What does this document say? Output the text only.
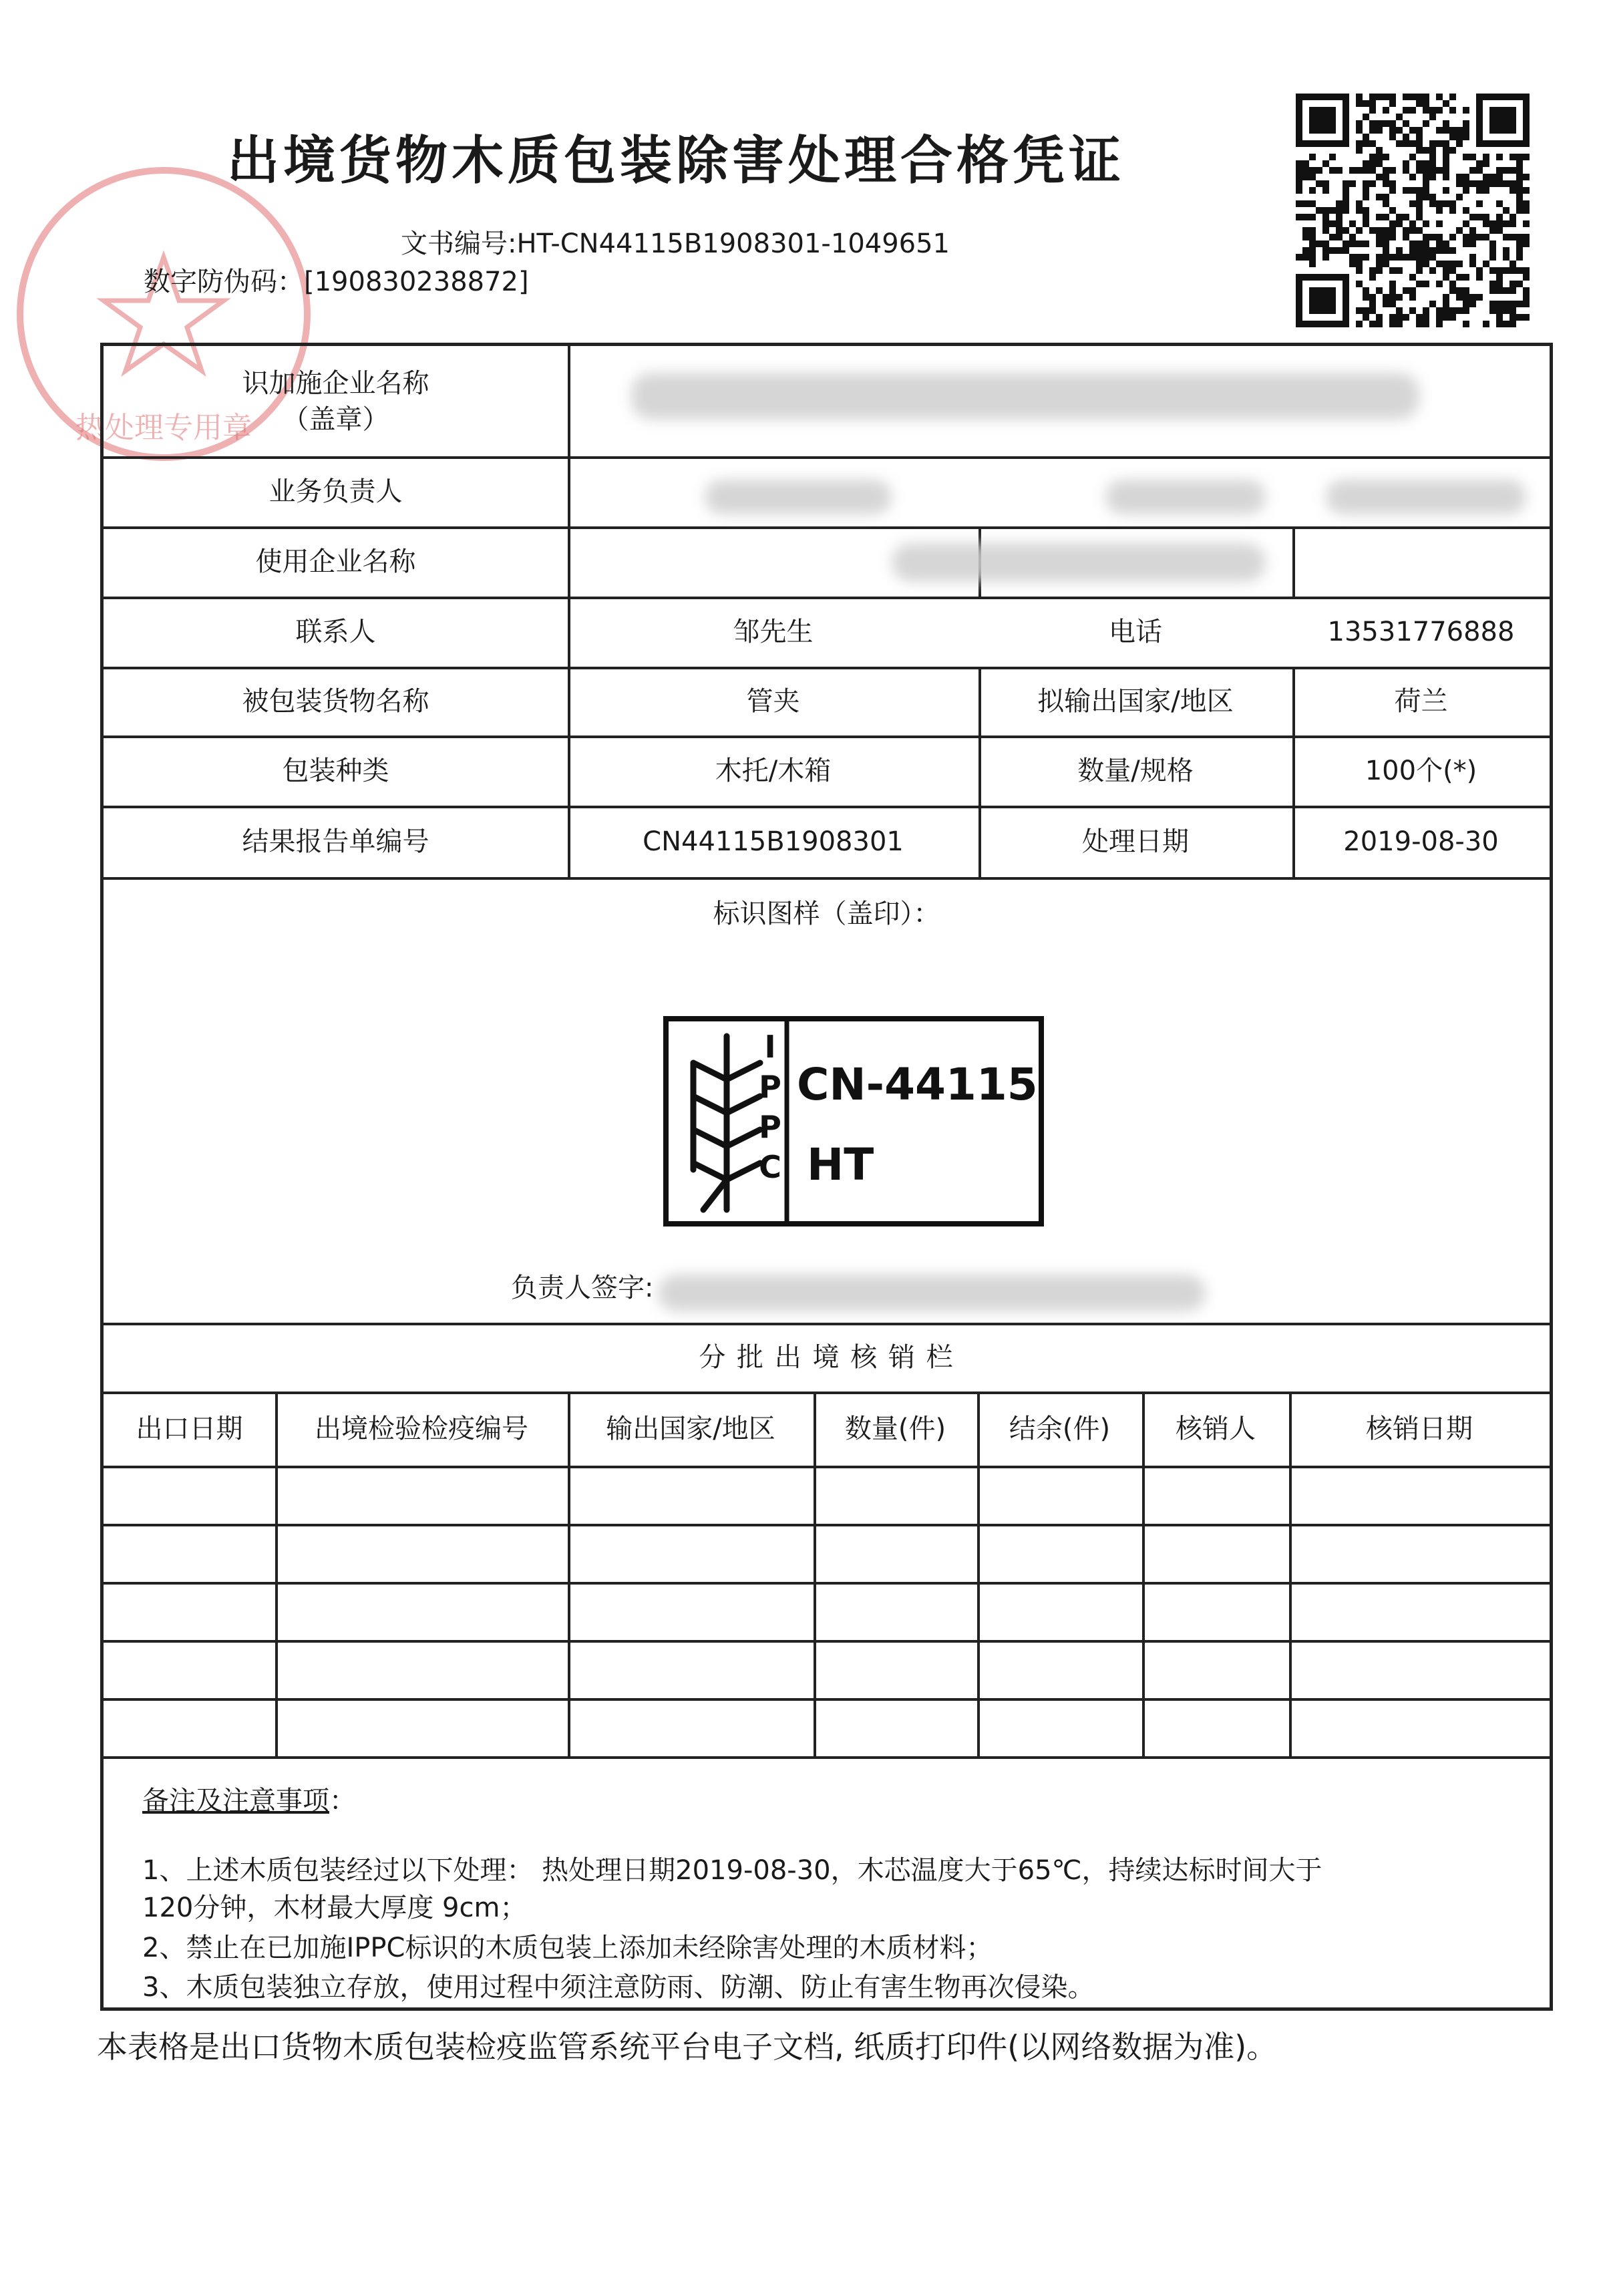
热处理专用章
出境货物木质包装除害处理合格凭证
文书编号:HT-CN44115B1908301-1049651
数字防伪码：[190830238872]
识加施企业名称
（盖章）
业务负责人
使用企业名称
联系人	邹先生	电话	13531776888
被包装货物名称	管夹	拟输出国家/地区	荷兰
包装种类	木托/木箱	数量/规格	100个(*)
结果报告单编号	CN44115B1908301	处理日期	2019-08-30
标识图样（盖印）：
I
P
P
C
CN-44115
HT
负责人签字:
分 批 出 境 核 销 栏
出口日期	出境检验检疫编号	输出国家/地区	数量(件)	结余(件)	核销人	核销日期
备注及注意事项：
1、上述木质包装经过以下处理： 热处理日期2019-08-30，木芯温度大于65℃，持续达标时间大于
120分钟，木材最大厚度 9cm；
2、禁止在已加施IPPC标识的木质包装上添加未经除害处理的木质材料；
3、木质包装独立存放，使用过程中须注意防雨、防潮、防止有害生物再次侵染。
本表格是出口货物木质包装检疫监管系统平台电子文档, 纸质打印件(以网络数据为准)。
